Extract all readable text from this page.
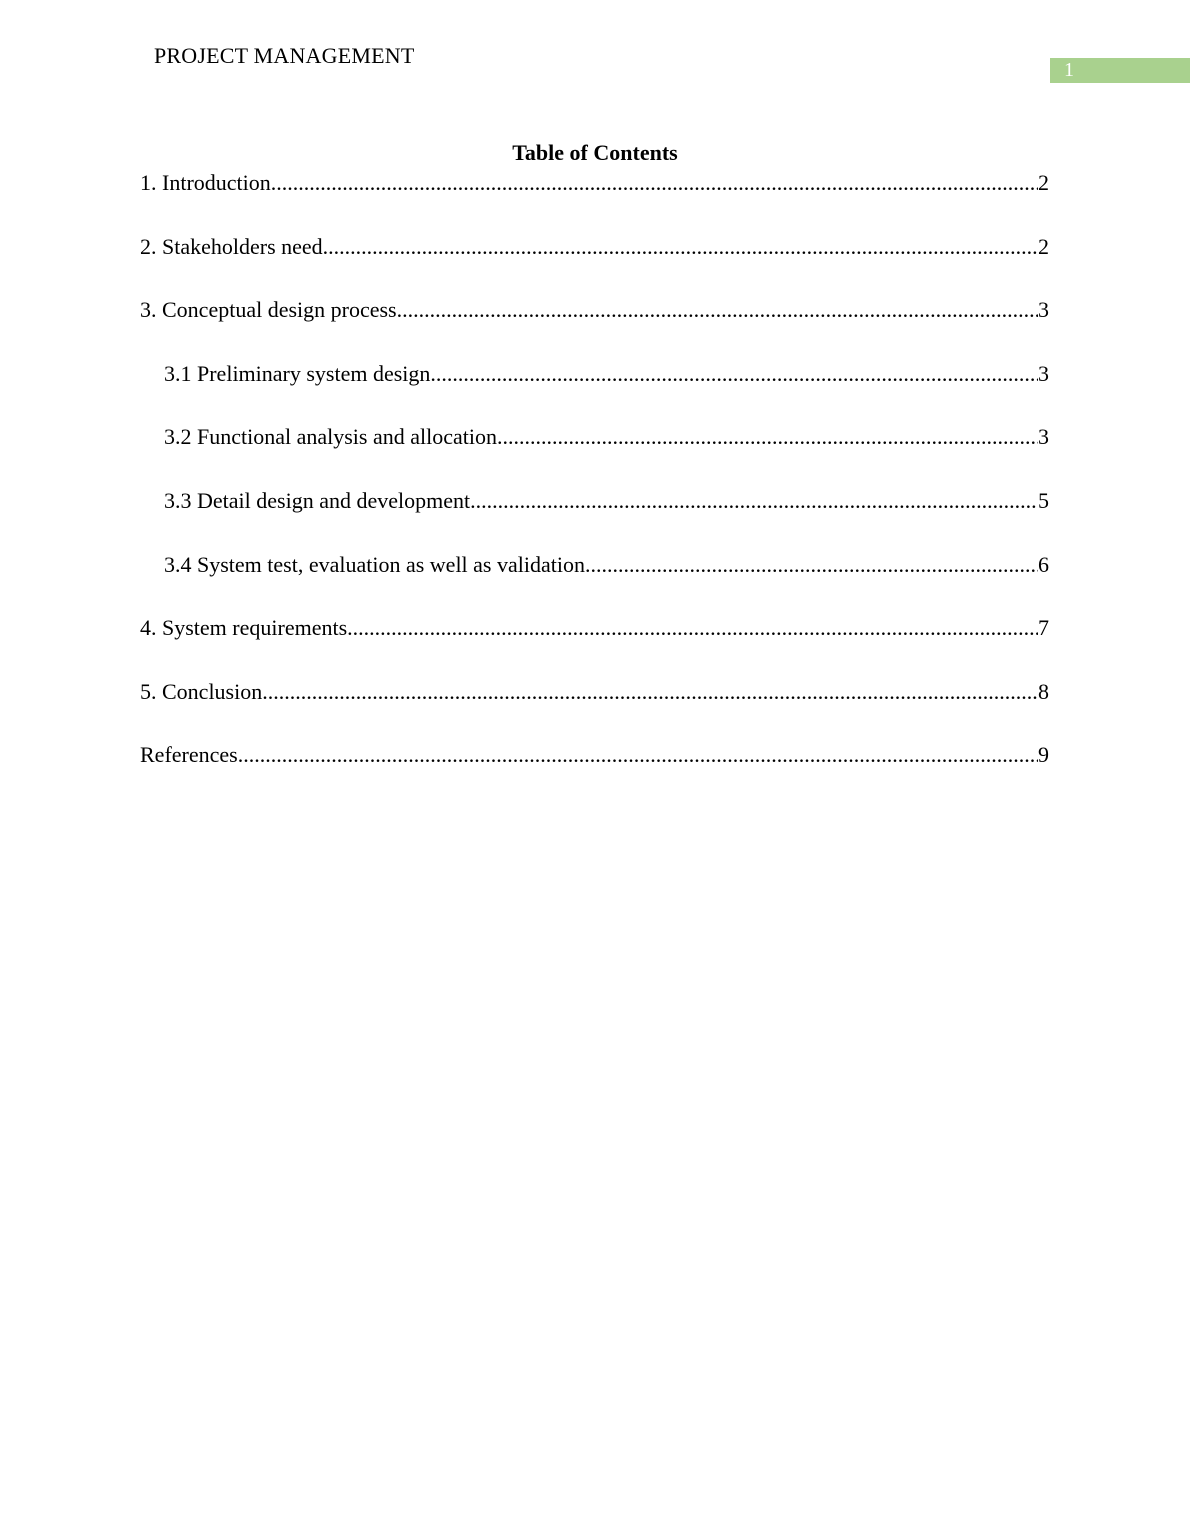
PROJECT MANAGEMENT
1
Table of Contents
1. Introduction .....	2
2. Stakeholders need .....	2
3. Conceptual design process .....	3
3.1 Preliminary system design .....	3
3.2 Functional analysis and allocation .....	3
3.3 Detail design and development .....	5
3.4 System test, evaluation as well as validation .....	6
4. System requirements .....	7
5. Conclusion .....	8
References .....	9
